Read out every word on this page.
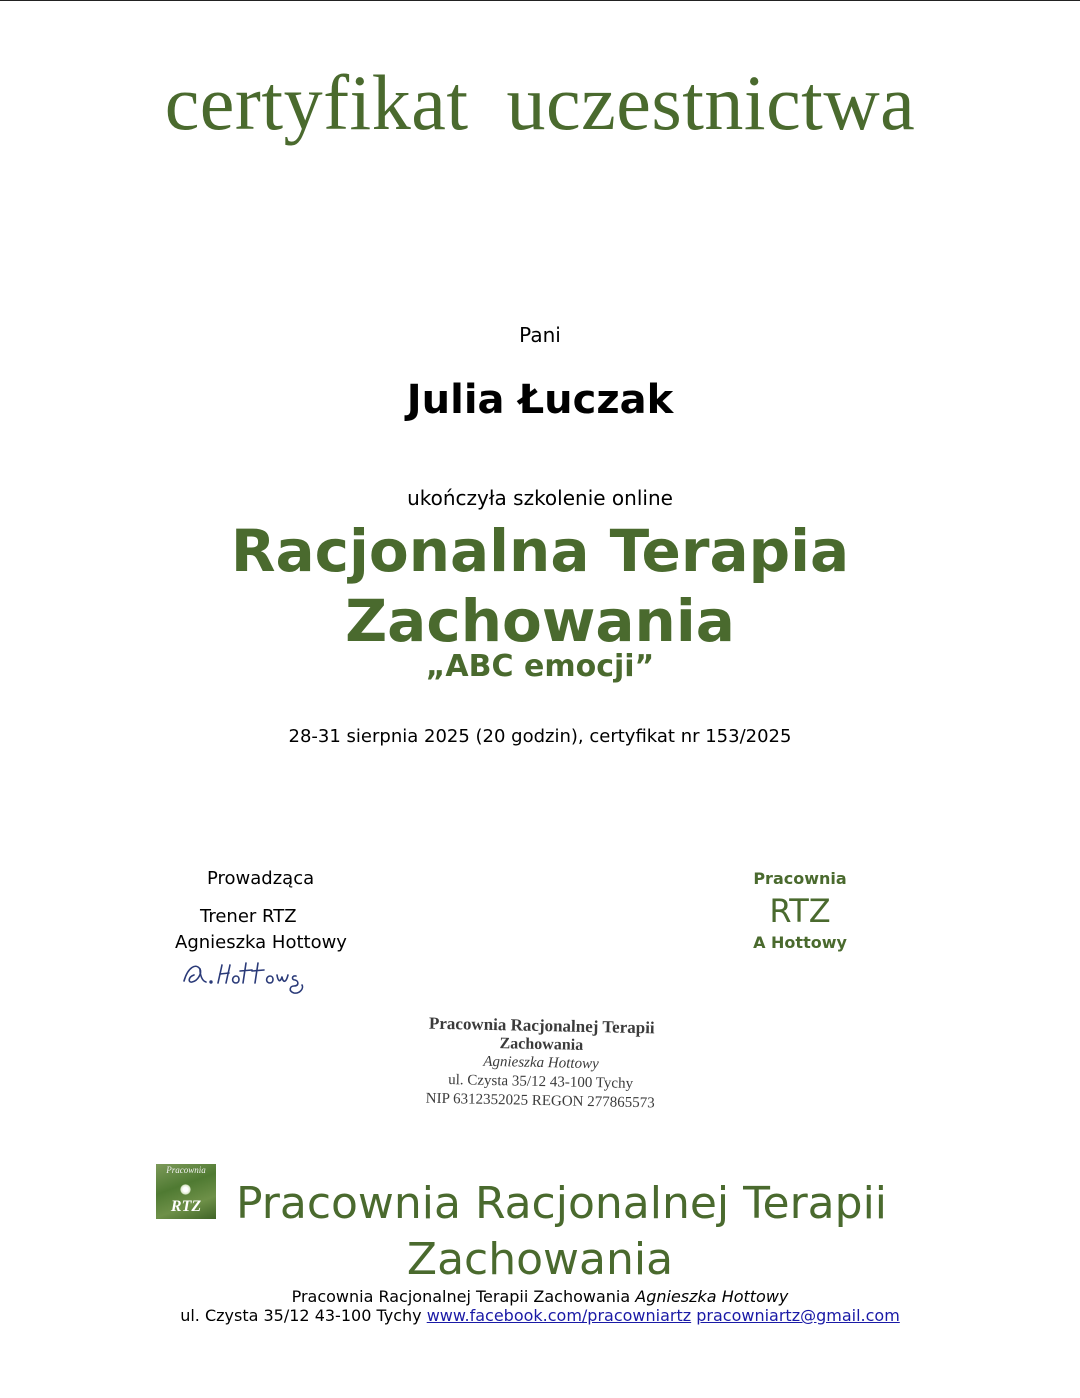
certyfikat uczestnictwa
Pani
Julia Łuczak
ukończyła szkolenie online
Racjonalna Terapia
Zachowania
„ABC emocji”
28-31 sierpnia 2025 (20 godzin), certyfikat nr 153/2025
Prowadząca
Trener RTZ
Agnieszka Hottowy
Pracownia
RTZ
A Hottowy
Pracownia Racjonalnej Terapii
Zachowania
Agnieszka Hottowy
ul. Czysta 35/12 43-100 Tychy
NIP 6312352025 REGON 277865573
Pracownia
RTZ Pracownia Racjonalnej Terapii
Zachowania
Pracownia Racjonalnej Terapii Zachowania Agnieszka Hottowy
ul. Czysta 35/12 43-100 Tychy www.facebook.com/pracowniartz pracowniartz@gmail.com
